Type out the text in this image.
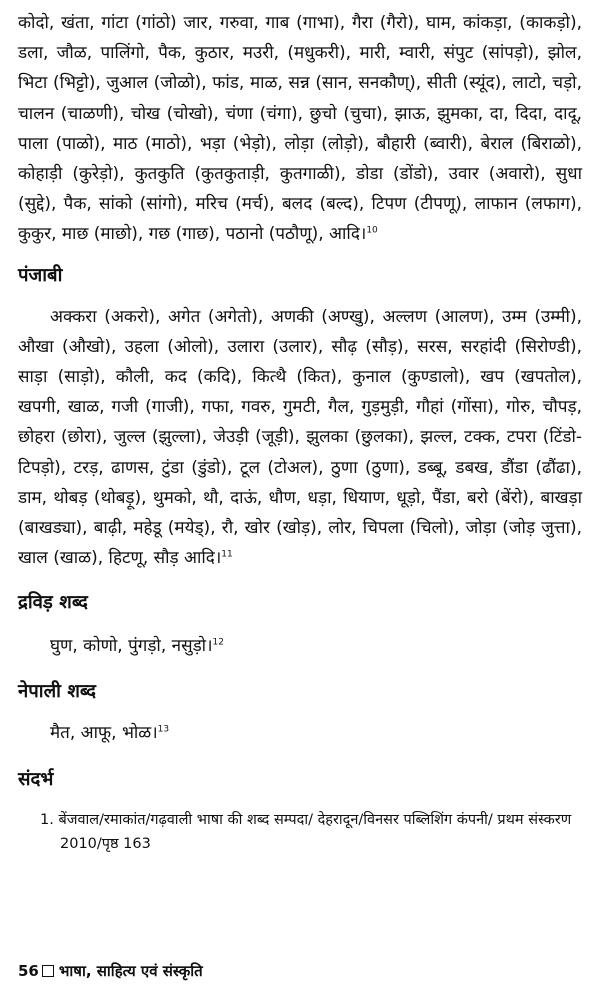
कोदो, खंता, गांटा (गांठो) जार, गरुवा, गाब (गाभा), गैरा (गैरो), घाम, कांकड़ा, (काकड़ो), डला, जौळ, पालिंगो, पैक, कुठार, मउरी, (मधुकरी), मारी, म्वारी, संपुट (सांपड़ो), झोल, भिटा (भिट्टो), जुआल (जोळो), फांड, माळ, सन्न (सान, सनकौण्), सीती (स्यूंद), लाटो, चड़ो, चालन (चाळणी), चोख (चोखो), चंणा (चंगा), छुचो (चुचा), झाऊ, झुमका, दा, दिदा, दादू, पाला (पाळो), माठ (माठो), भड़ा (भेड़ो), लोड़ा (लोड़ो), बौहारी (ब्वारी), बेराल (बिराळो), कोहाड़ी (कुरेड़ो), कुतकुति (कुतकुताड़ी, कुतगाळी), डोडा (डोंडो), उवार (अवारो), सुधा (सुद्दे), पैक, सांको (सांगो), मरिच (मर्च), बलद (बल्द), टिपण (टीपणू), लाफान (लफाग), कुकुर, माछ (माछो), गछ (गाछ), पठानो (पठौणू), आदि।$^{10}$

पंजाबी

अक्करा (अकरो), अगेत (अगेतो), अणकी (अण्खु), अल्लण (आलण), उम्म (उम्मी), औखा (औखो), उहला (ओलो), उलारा (उलार), सौढ़ (सौड़), सरस, सरहांदी (सिरोण्डी), साड़ा (साड़ो), कौली, कद (कदि), कित्थै (कित), कुनाल (कुण्डालो), खप (खपतोल), खपगी, खाळ, गजी (गाजी), गफा, गवरु, गुमटी, गैल, गुड़मुड़ी, गौहां (गोंसा), गोरु, चौपड़, छोहरा (छोरा), जुल्ल (झुल्ला), जेउड़ी (जूड़ी), झुलका (छुलका), झल्ल, टक्क, टपरा (टिंडो-टिपड़ो), टरड़, ढाणस, टुंडा (डुंडो), टूल (टोअल), ठुणा (ठुणा), डब्बू, डबख, डौंडा (ढौंढा), डाम, थोबड़ (थोबड़ू), थुमको, थौ, दाऊं, धौण, धड़ा, धियाण, धूड़ो, पैंडा, बरो (बेंरो), बाखड़ा (बाखड्या), बाढ़ी, महेडू (मयेड्), रौ, खोर (खोड़), लोर, चिपला (चिलो), जोड़ा (जोड़ जुत्ता), खाल (खाळ), हिटणू, सौड़ आदि।$^{11}$

द्रविड़ शब्द

घुण, कोणो, पुंगड़ो, नसुड़ो।$^{12}$

नेपाली शब्द

मैत, आफू, भोळ।$^{13}$

संदर्भ

1. बेंजवाल/रमाकांत/गढ़वाली भाषा की शब्द सम्पदा/ देहरादून/विनसर पब्लिशिंग कंपनी/ प्रथम संस्करण 2010/पृष्ठ 163

56 भाषा, साहित्य एवं संस्कृति
